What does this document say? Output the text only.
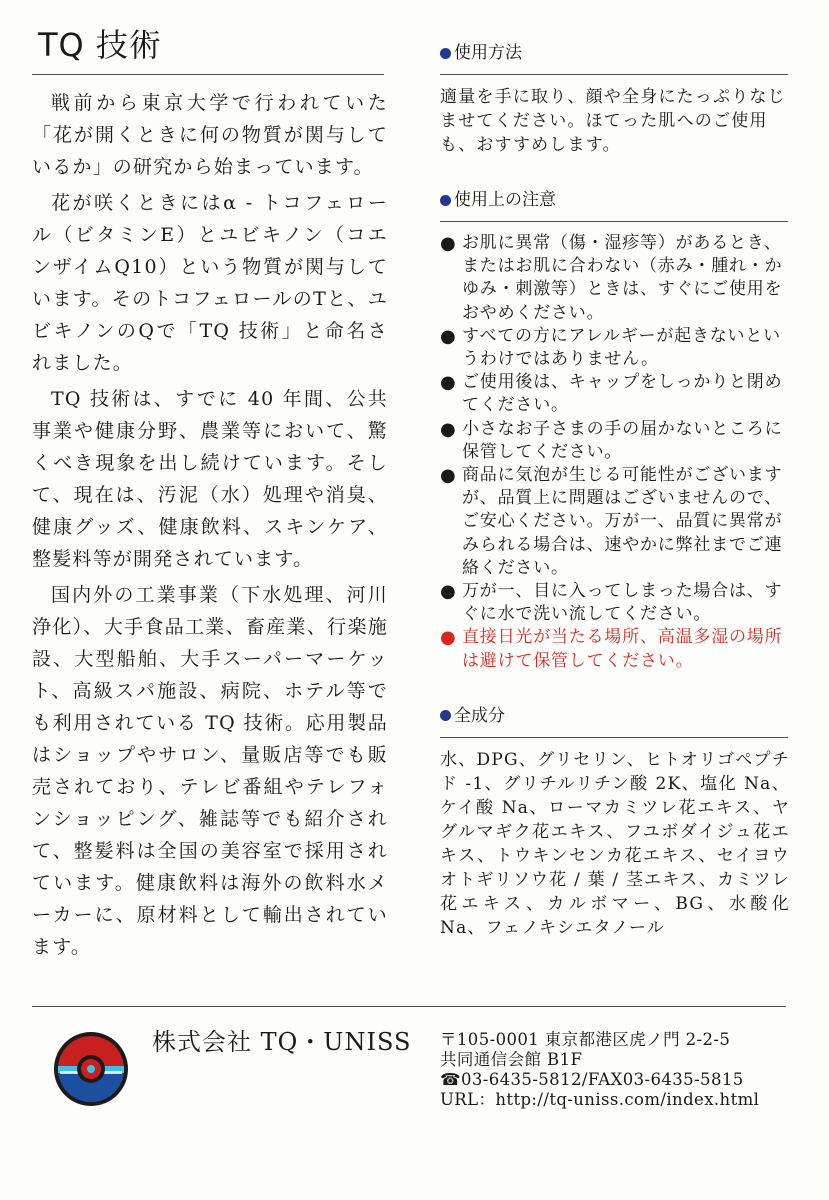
TQ 技術

戦前から東京大学で行われていた「花が開くときに何の物質が関与しているか」の研究から始まっています。

花が咲くときにはα - トコフェロール（ビタミンE）とユビキノン（コエンザイムQ10）という物質が関与しています。そのトコフェロールのTと、ユビキノンのQで「TQ 技術」と命名されました。

TQ 技術は、すでに 40 年間、公共事業や健康分野、農業等において、驚くべき現象を出し続けています。そして、現在は、汚泥（水）処理や消臭、健康グッズ、健康飲料、スキンケア、整髪料等が開発されています。

国内外の工業事業（下水処理、河川浄化）、大手食品工業、畜産業、行楽施設、大型船舶、大手スーパーマーケット、高級スパ施設、病院、ホテル等でも利用されている TQ 技術。応用製品はショップやサロン、量販店等でも販売されており、テレビ番組やテレフォンショッピング、雑誌等でも紹介されて、整髪料は全国の美容室で採用されています。健康飲料は海外の飲料水メーカーに、原材料として輸出されています。

使用方法

適量を手に取り、顔や全身にたっぷりなじませてください。ほてった肌へのご使用も、おすすめします。

使用上の注意
● お肌に異常（傷・湿疹等）があるとき、またはお肌に合わない（赤み・腫れ・かゆみ・刺激等）ときは、すぐにご使用をおやめください。
● すべての方にアレルギーが起きないというわけではありません。
● ご使用後は、キャップをしっかりと閉めてください。
● 小さなお子さまの手の届かないところに保管してください。
● 商品に気泡が生じる可能性がございますが、品質上に問題はございませんので、ご安心ください。万が一、品質に異常がみられる場合は、速やかに弊社までご連絡ください。
● 万が一、目に入ってしまった場合は、すぐに水で洗い流してください。
● 直接日光が当たる場所、高温多湿の場所は避けて保管してください。
全成分

水、DPG、グリセリン、ヒトオリゴペプチド -1、グリチルリチン酸 2K、塩化 Na、ケイ酸 Na、ローマカミツレ花エキス、ヤグルマギク花エキス、フユボダイジュ花エキス、トウキンセンカ花エキス、セイヨウオトギリソウ花 / 葉 / 茎エキス、カミツレ花エキス、カルボマー、BG、水酸化 Na、フェノキシエタノール

株式会社 TQ・UNISS 〒105-0001 東京都港区虎ノ門 2-2-5
共同通信会館 B1F
☎03-6435-5812/FAX03-6435-5815
URL：http://tq-uniss.com/index.html
